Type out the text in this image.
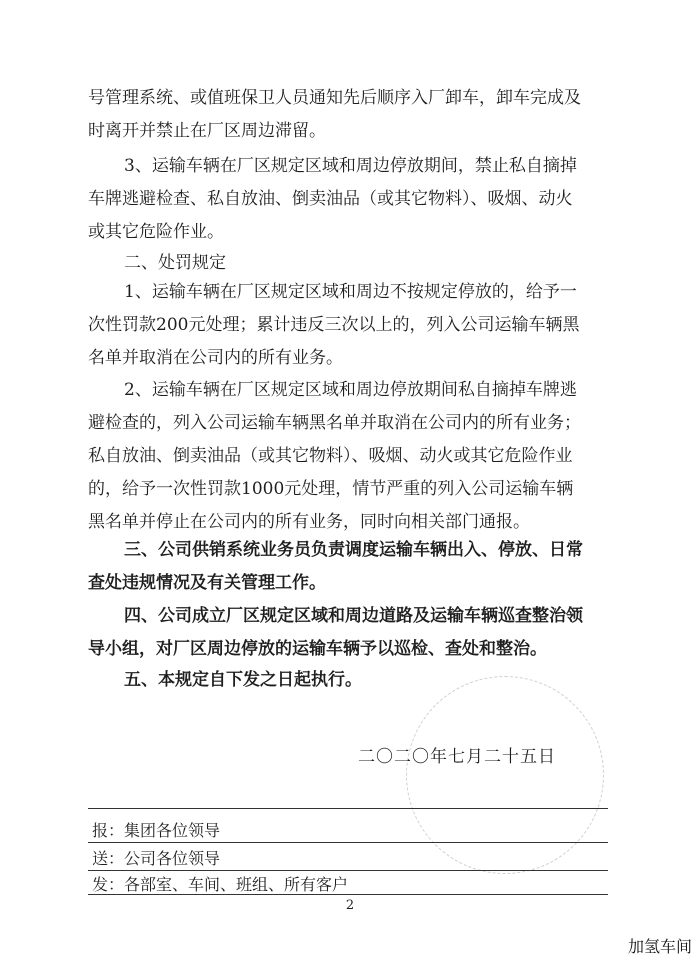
号管理系统、或值班保卫人员通知先后顺序入厂卸车，卸车完成及
时离开并禁止在厂区周边滞留。
3、运输车辆在厂区规定区域和周边停放期间，禁止私自摘掉
车牌逃避检查、私自放油、倒卖油品（或其它物料）、吸烟、动火
或其它危险作业。

二、处罚规定

1、运输车辆在厂区规定区域和周边不按规定停放的，给予一
次性罚款200元处理；累计违反三次以上的，列入公司运输车辆黑
名单并取消在公司内的所有业务。
2、运输车辆在厂区规定区域和周边停放期间私自摘掉车牌逃
避检查的，列入公司运输车辆黑名单并取消在公司内的所有业务；
私自放油、倒卖油品（或其它物料）、吸烟、动火或其它危险作业
的，给予一次性罚款1000元处理，情节严重的列入公司运输车辆
黑名单并停止在公司内的所有业务，同时向相关部门通报。
三、公司供销系统业务员负责调度运输车辆出入、停放、日常
查处违规情况及有关管理工作。
四、公司成立厂区规定区域和周边道路及运输车辆巡查整治领
导小组，对厂区周边停放的运输车辆予以巡检、查处和整治。
五、本规定自下发之日起执行。
二〇二〇年七月二十五日
报：集团各位领导
送：公司各位领导
发：各部室、车间、班组、所有客户
2
加氢车间
